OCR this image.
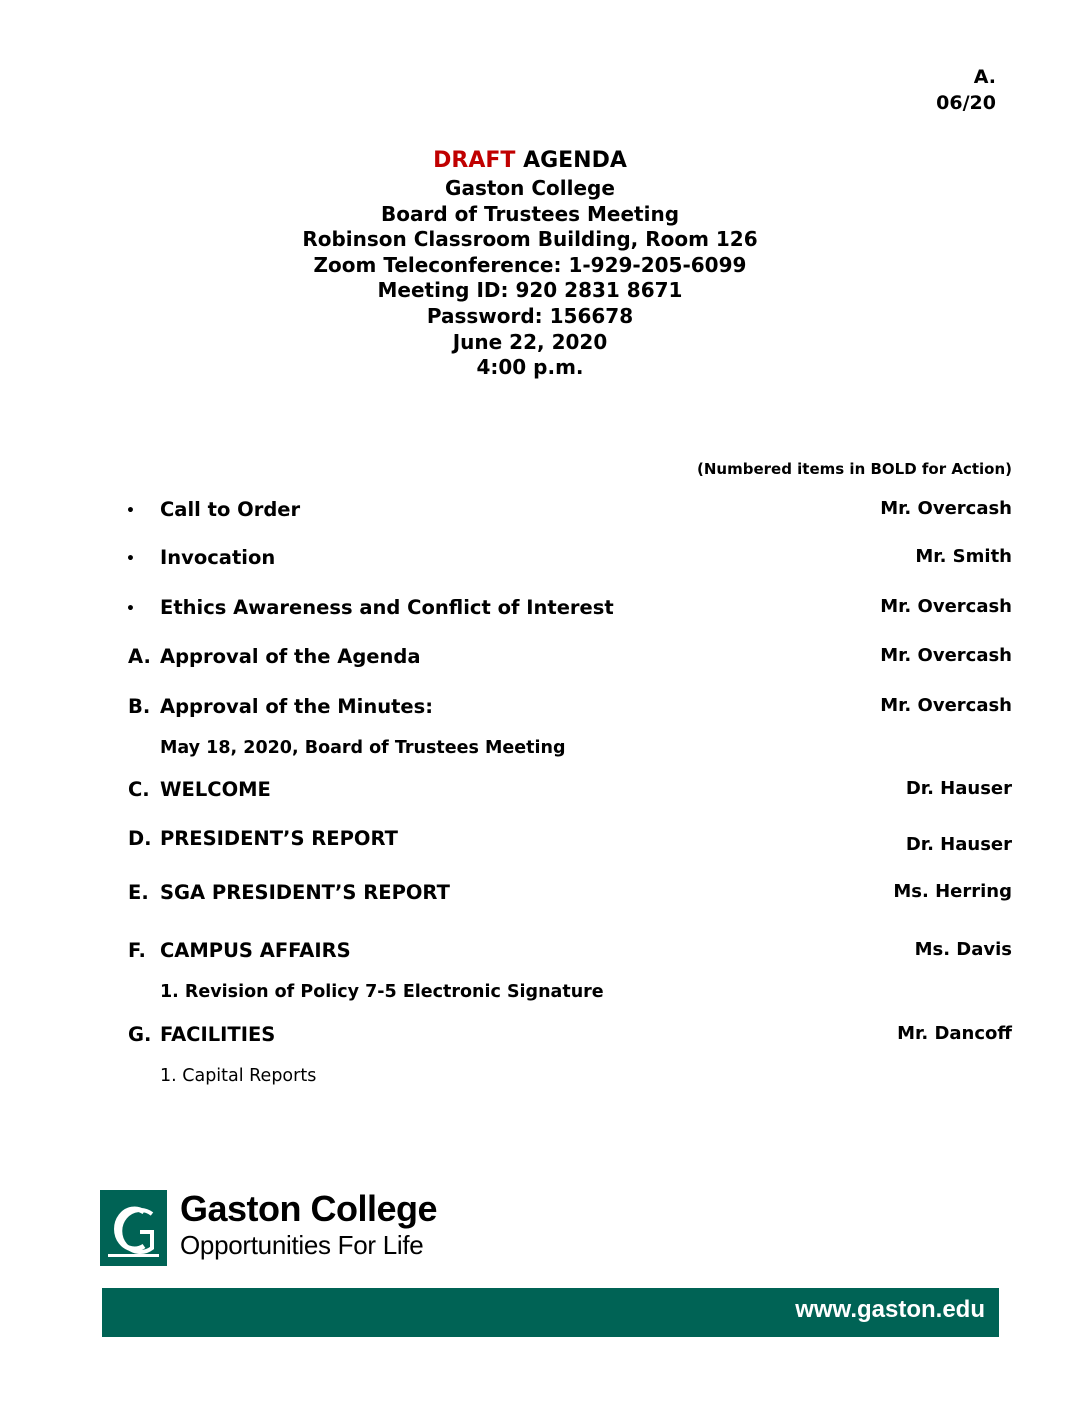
A.
06/20
DRAFT AGENDA
Gaston College
Board of Trustees Meeting
Robinson Classroom Building, Room 126
Zoom Teleconference: 1-929-205-6099
Meeting ID: 920 2831 8671
Password: 156678
June 22, 2020
4:00 p.m.
(Numbered items in BOLD for Action)
• Call to Order	Mr. Overcash
• Invocation	Mr. Smith
• Ethics Awareness and Conflict of Interest	Mr. Overcash
A. Approval of the Agenda	Mr. Overcash
B. Approval of the Minutes:	Mr. Overcash
May 18, 2020, Board of Trustees Meeting
C. WELCOME	Dr. Hauser
D. PRESIDENT’S REPORT	Dr. Hauser
E. SGA PRESIDENT’S REPORT	Ms. Herring
F. CAMPUS AFFAIRS	Ms. Davis
1. Revision of Policy 7-5 Electronic Signature
G. FACILITIES	Mr. Dancoff
1. Capital Reports
Gaston College
Opportunities For Life
www.gaston.edu
